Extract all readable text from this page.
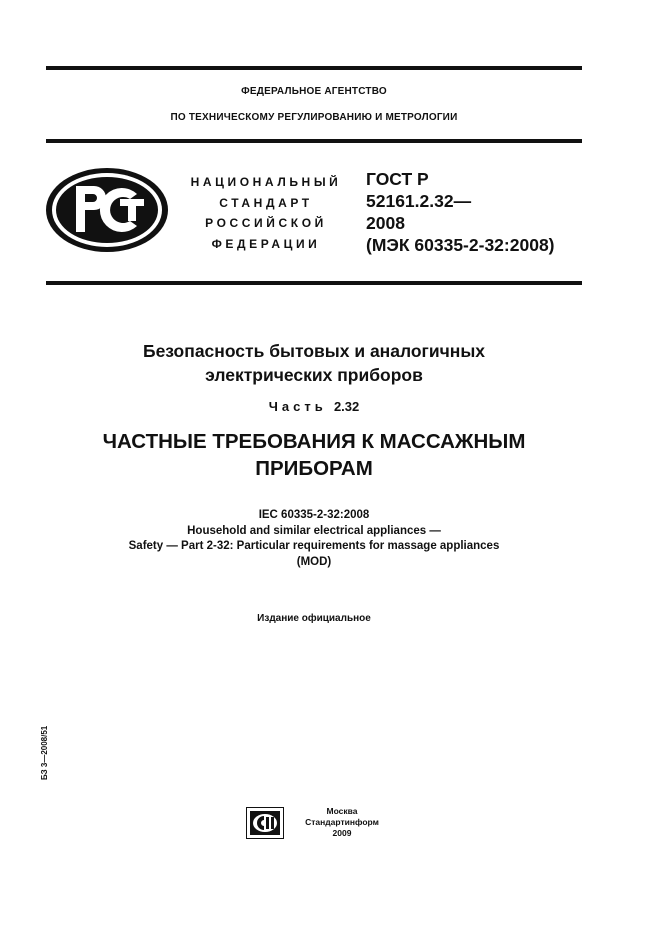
ФЕДЕРАЛЬНОЕ АГЕНТСТВО
ПО ТЕХНИЧЕСКОМУ РЕГУЛИРОВАНИЮ И МЕТРОЛОГИИ
НАЦИОНАЛЬНЫЙ
СТАНДАРТ
РОССИЙСКОЙ
ФЕДЕРАЦИИ
ГОСТ Р
52161.2.32—
2008
(МЭК 60335-2-32:2008)
Безопасность бытовых и аналогичных
электрических приборов
Часть 2.32
ЧАСТНЫЕ ТРЕБОВАНИЯ К МАССАЖНЫМ
ПРИБОРАМ
IEC 60335-2-32:2008
Household and similar electrical appliances —
Safety — Part 2-32: Particular requirements for massage appliances
(MOD)
Издание официальное
БЗ 3—2008/51
Москва
Стандартинформ
2009
